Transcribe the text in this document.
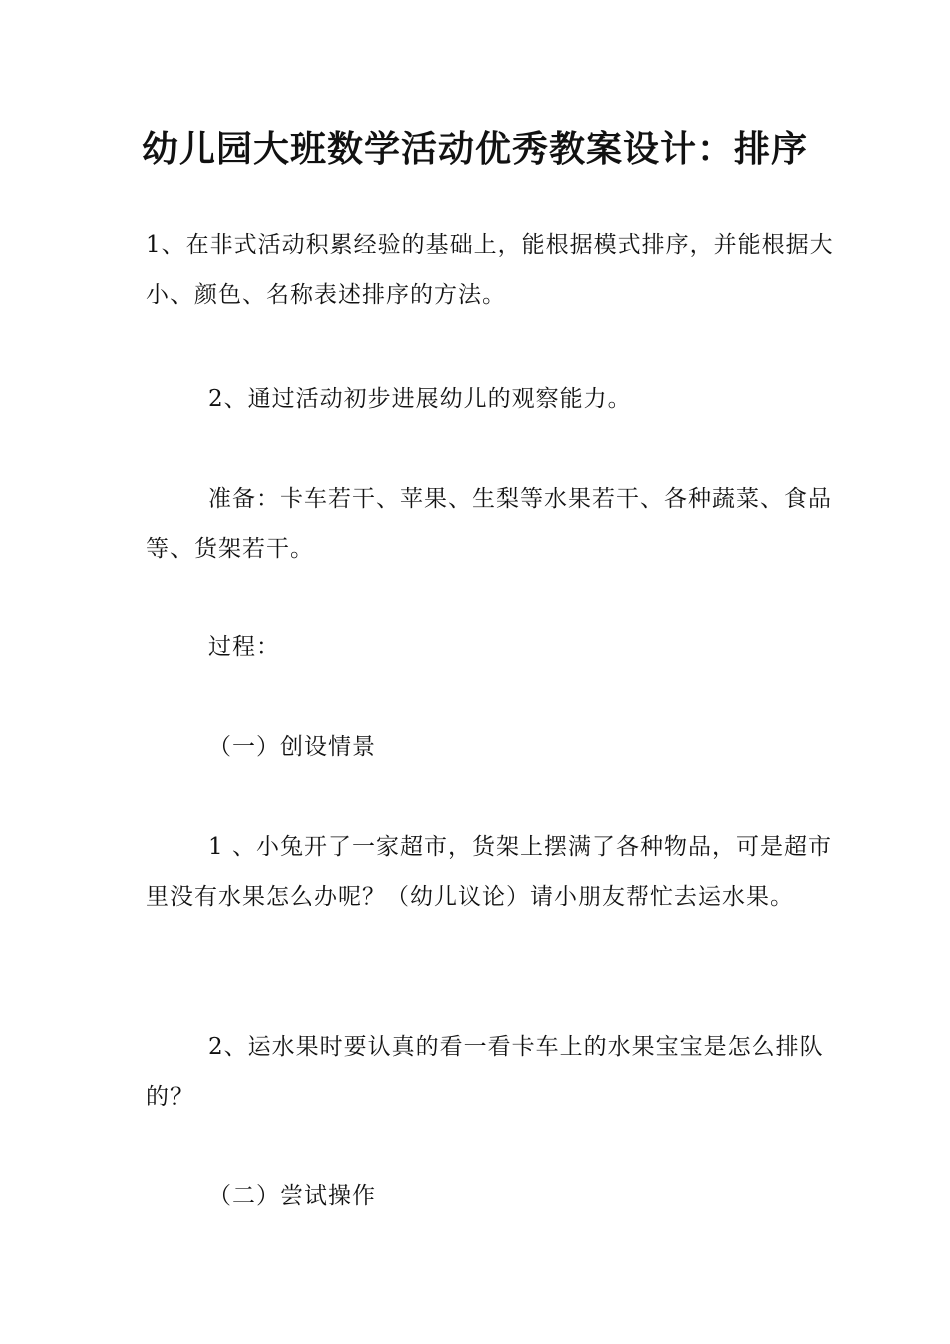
幼儿园大班数学活动优秀教案设计：排序

1、在非式活动积累经验的基础上，能根据模式排序，并能根据大小、颜色、名称表述排序的方法。

2、通过活动初步进展幼儿的观察能力。

准备：卡车若干、苹果、生梨等水果若干、各种蔬菜、食品等、货架若干。

过程：

（一）创设情景

1 、小兔开了一家超市，货架上摆满了各种物品，可是超市里没有水果怎么办呢？（幼儿议论）请小朋友帮忙去运水果。

2、运水果时要认真的看一看卡车上的水果宝宝是怎么排队的？

（二）尝试操作
